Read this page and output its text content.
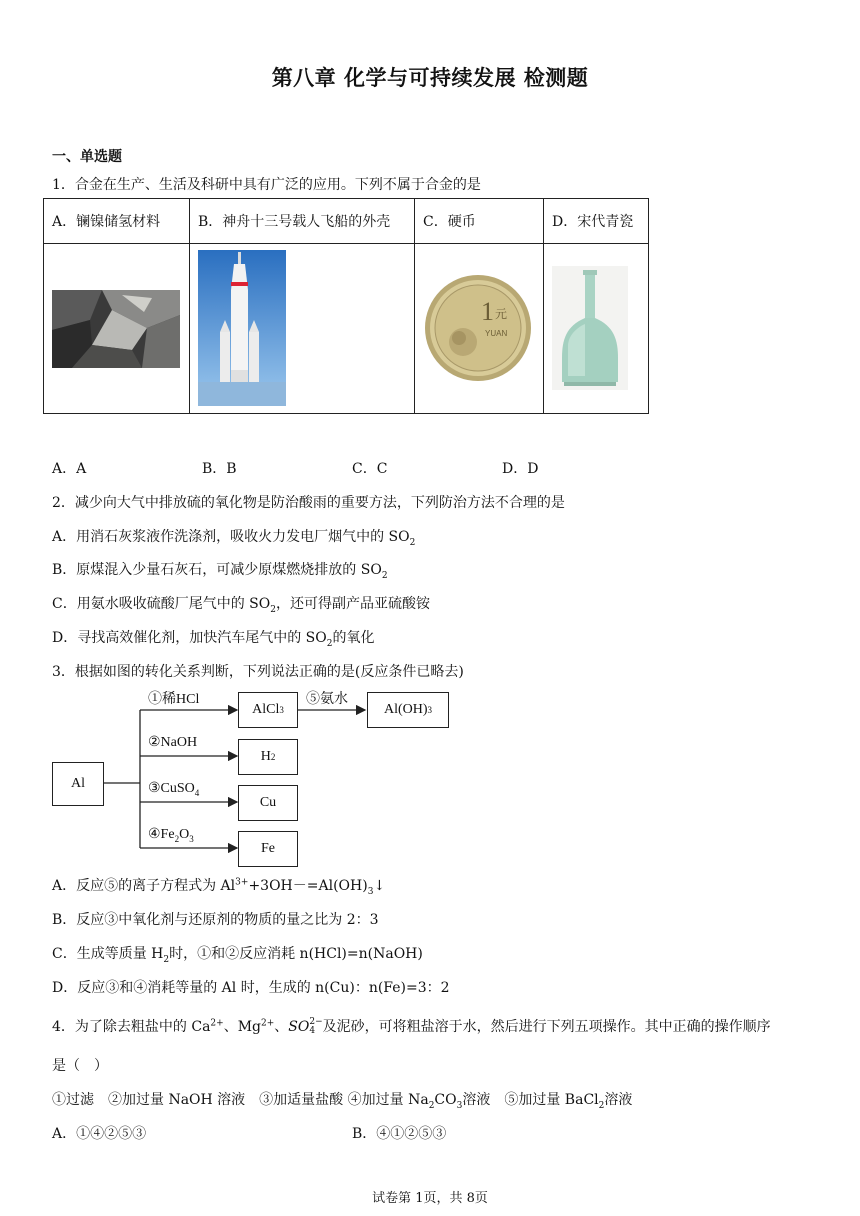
第八章 化学与可持续发展 检测题
一、单选题
1．合金在生产、生活及科研中具有广泛的应用。下列不属于合金的是
A．镧镍储氢材料	B．神舟十三号载人飞船的外壳	C．硬币	D．宋代青瓷

1 元
YUAN

A．A	B．B	C．C	D．D
2．减少向大气中排放硫的氧化物是防治酸雨的重要方法，下列防治方法不合理的是
A．用消石灰浆液作洗涤剂，吸收火力发电厂烟气中的 $SO_2$
B．原煤混入少量石灰石，可减少原煤燃烧排放的 $SO_2$
C．用氨水吸收硫酸厂尾气中的 $SO_2$，还可得副产品亚硫酸铵
D．寻找高效催化剂，加快汽车尾气中的 $SO_2$的氧化
3．根据如图的转化关系判断，下列说法正确的是(反应条件已略去)
Al
AlCl 3
H 2
Cu
Fe
Al(OH) 3
①稀HCl
②NaOH
③CuSO$_4$
$④Fe_2O_3$
⑤氨水
A．反应⑤的离子方程式为 $Al^{3+}+3OH-=Al(OH)_3↓$
B．反应③中氧化剂与还原剂的物质的量之比为 2：3
C．生成等质量 $H_2$时，①和②反应消耗 n(HCl)=n(NaOH)
D．反应③和④消耗等量的 Al 时，生成的 n(Cu)：n(Fe)=3：2
4．为了除去粗盐中的 $Ca^{2+}$、$Mg^{2+}$、SO 2−
4 及泥砂，可将粗盐溶于水，然后进行下列五项操作。其中正确的操作顺序
是（　）
①过滤　②加过量 NaOH 溶液　③加适量盐酸 ④加过量 $Na_2CO_3$溶液　⑤加过量 BaCl$_2$溶液
A．①④②⑤③	B．④①②⑤③
试卷第 1页，共 8页
